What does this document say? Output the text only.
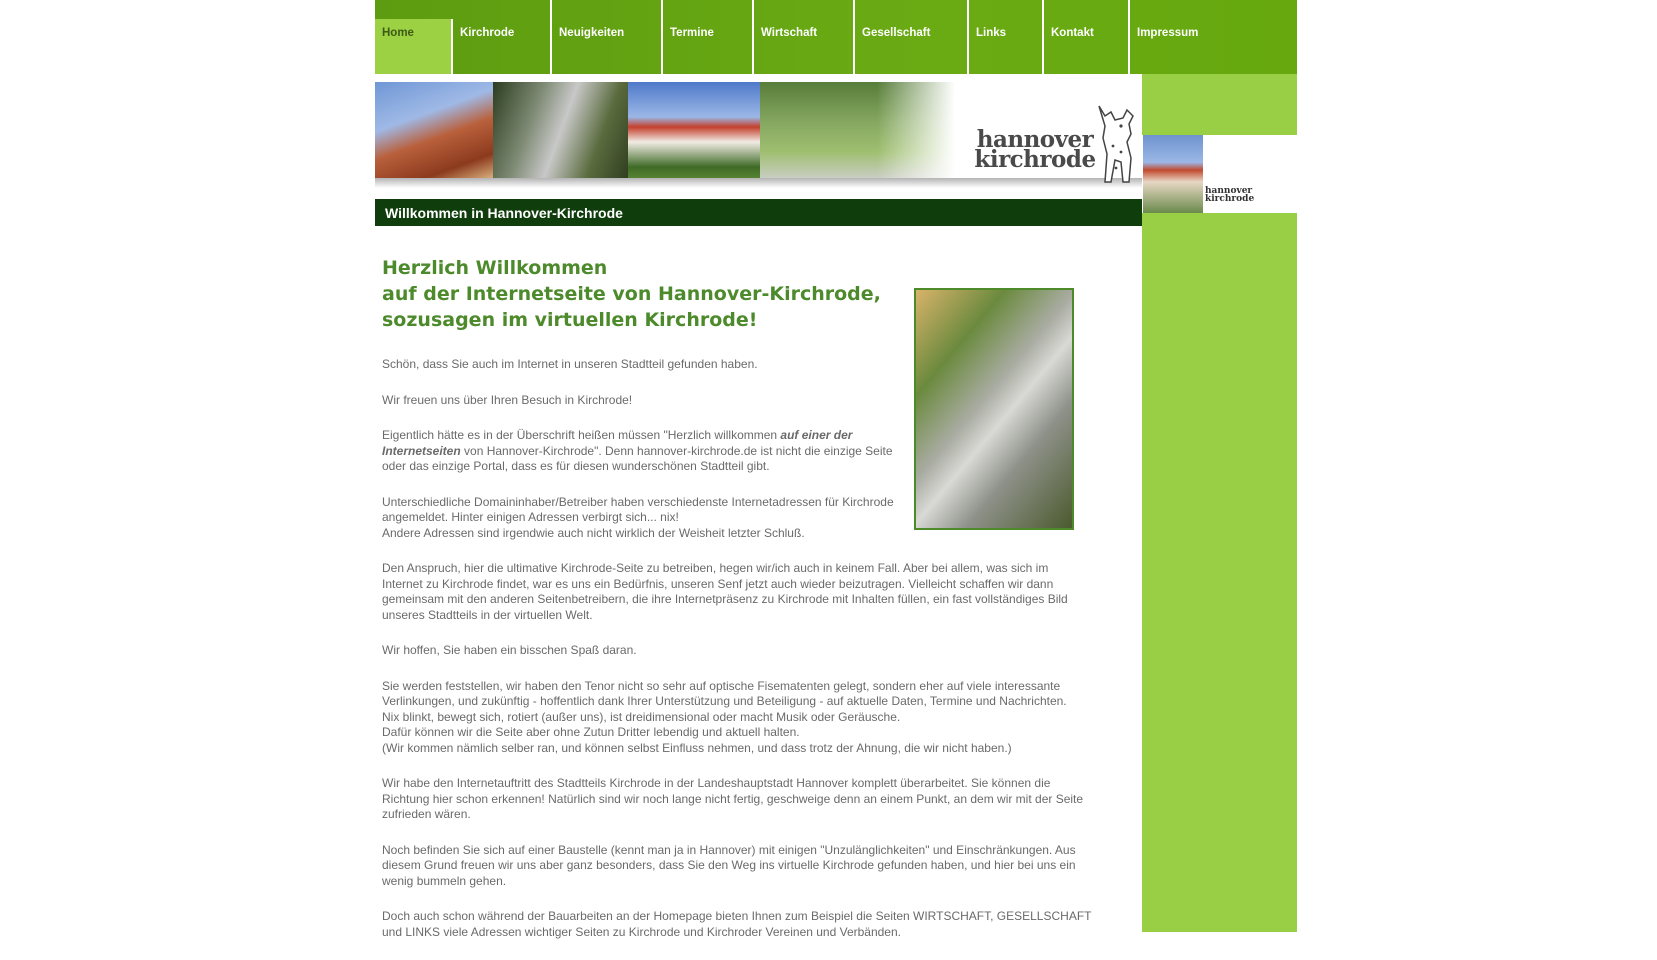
Home	Kirchrode	Neuigkeiten	Termine	Wirtschaft	Gesellschaft	Links	Kontakt	Impressum
hannover
kirchrode
Willkommen in Hannover-Kirchrode
hannover
kirchrode
Herzlich Willkommen
auf der Internetseite von Hannover-Kirchrode,
sozusagen im virtuellen Kirchrode!

Schön, dass Sie auch im Internet in unseren Stadtteil gefunden haben.

Wir freuen uns über Ihren Besuch in Kirchrode!

Eigentlich hätte es in der Überschrift heißen müssen "Herzlich willkommen auf einer der Internetseiten von Hannover-Kirchrode". Denn hannover-kirchrode.de ist nicht die einzige Seite oder das einzige Portal, dass es für diesen wunderschönen Stadtteil gibt.

Unterschiedliche Domaininhaber/Betreiber haben verschiedenste Internetadressen für Kirchrode angemeldet. Hinter einigen Adressen verbirgt sich... nix!
Andere Adressen sind irgendwie auch nicht wirklich der Weisheit letzter Schluß.

Den Anspruch, hier die ultimative Kirchrode-Seite zu betreiben, hegen wir/ich auch in keinem Fall. Aber bei allem, was sich im Internet zu Kirchrode findet, war es uns ein Bedürfnis, unseren Senf jetzt auch wieder beizutragen. Vielleicht schaffen wir dann gemeinsam mit den anderen Seitenbetreibern, die ihre Internetpräsenz zu Kirchrode mit Inhalten füllen, ein fast vollständiges Bild unseres Stadtteils in der virtuellen Welt.

Wir hoffen, Sie haben ein bisschen Spaß daran.

Sie werden feststellen, wir haben den Tenor nicht so sehr auf optische Fisematenten gelegt, sondern eher auf viele interessante Verlinkungen, und zukünftig - hoffentlich dank Ihrer Unterstützung und Beteiligung - auf aktuelle Daten, Termine und Nachrichten.
Nix blinkt, bewegt sich, rotiert (außer uns), ist dreidimensional oder macht Musik oder Geräusche.
Dafür können wir die Seite aber ohne Zutun Dritter lebendig und aktuell halten.
(Wir kommen nämlich selber ran, und können selbst Einfluss nehmen, und dass trotz der Ahnung, die wir nicht haben.)

Wir habe den Internetauftritt des Stadtteils Kirchrode in der Landeshauptstadt Hannover komplett überarbeitet. Sie können die Richtung hier schon erkennen! Natürlich sind wir noch lange nicht fertig, geschweige denn an einem Punkt, an dem wir mit der Seite zufrieden wären.

Noch befinden Sie sich auf einer Baustelle (kennt man ja in Hannover) mit einigen "Unzulänglichkeiten" und Einschränkungen. Aus diesem Grund freuen wir uns aber ganz besonders, dass Sie den Weg ins virtuelle Kirchrode gefunden haben, und hier bei uns ein wenig bummeln gehen.

Doch auch schon während der Bauarbeiten an der Homepage bieten Ihnen zum Beispiel die Seiten WIRTSCHAFT, GESELLSCHAFT und LINKS viele Adressen wichtiger Seiten zu Kirchrode und Kirchroder Vereinen und Verbänden.
